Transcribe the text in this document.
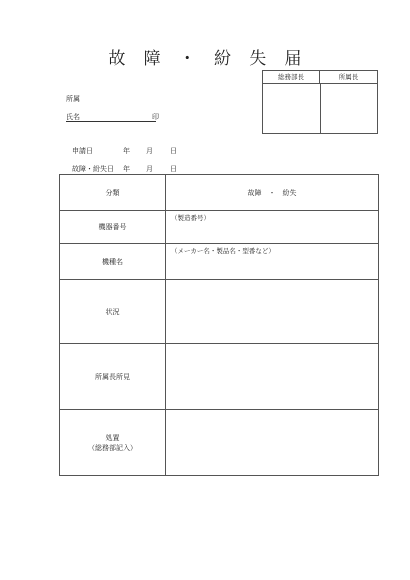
故 障 ・ 紛 失 届
総務部長	所属長
所属
氏名	印
申請日	年 月 日
故障・紛失日 年 月 日
分類	故障　・　紛失
機器番号	（製造番号）

機種名	（メーカー名・製品名・型番など）

状況	
所属長所見	

処置
（総務部記入）	
